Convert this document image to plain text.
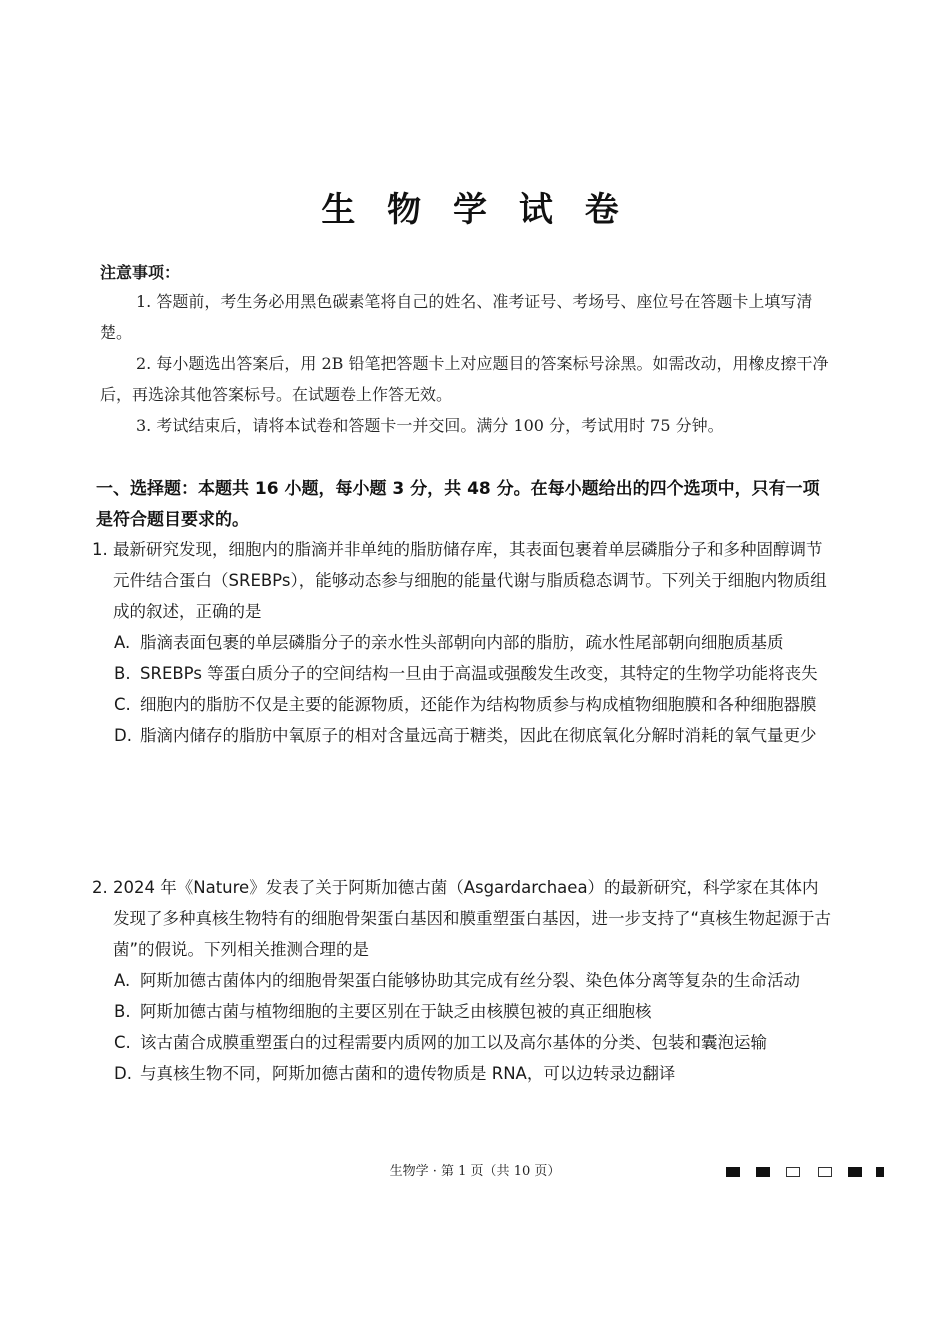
生 物 学 试 卷
注意事项：
1. 答题前，考生务必用黑色碳素笔将自己的姓名、准考证号、考场号、座位号在答题卡上填写清楚。
2. 每小题选出答案后，用 2B 铅笔把答题卡上对应题目的答案标号涂黑。如需改动，用橡皮擦干净后，再选涂其他答案标号。在试题卷上作答无效。
3. 考试结束后，请将本试卷和答题卡一并交回。满分 100 分，考试用时 75 分钟。
一、选择题：本题共 16 小题，每小题 3 分，共 48 分。在每小题给出的四个选项中，只有一项是符合题目要求的。
1. 最新研究发现，细胞内的脂滴并非单纯的脂肪储存库，其表面包裹着单层磷脂分子和多种固醇调节元件结合蛋白（SREBPs），能够动态参与细胞的能量代谢与脂质稳态调节。下列关于细胞内物质组成的叙述，正确的是
A. 脂滴表面包裹的单层磷脂分子的亲水性头部朝向内部的脂肪，疏水性尾部朝向细胞质基质
B. SREBPs 等蛋白质分子的空间结构一旦由于高温或强酸发生改变，其特定的生物学功能将丧失
C. 细胞内的脂肪不仅是主要的能源物质，还能作为结构物质参与构成植物细胞膜和各种细胞器膜
D. 脂滴内储存的脂肪中氧原子的相对含量远高于糖类，因此在彻底氧化分解时消耗的氧气量更少
2. 2024 年《Nature》发表了关于阿斯加德古菌（Asgardarchaea）的最新研究，科学家在其体内发现了多种真核生物特有的细胞骨架蛋白基因和膜重塑蛋白基因，进一步支持了“真核生物起源于古菌”的假说。下列相关推测合理的是
A. 阿斯加德古菌体内的细胞骨架蛋白能够协助其完成有丝分裂、染色体分离等复杂的生命活动
B. 阿斯加德古菌与植物细胞的主要区别在于缺乏由核膜包被的真正细胞核
C. 该古菌合成膜重塑蛋白的过程需要内质网的加工以及高尔基体的分类、包装和囊泡运输
D. 与真核生物不同，阿斯加德古菌和的遗传物质是 RNA，可以边转录边翻译
生物学 · 第 1 页（共 10 页）
